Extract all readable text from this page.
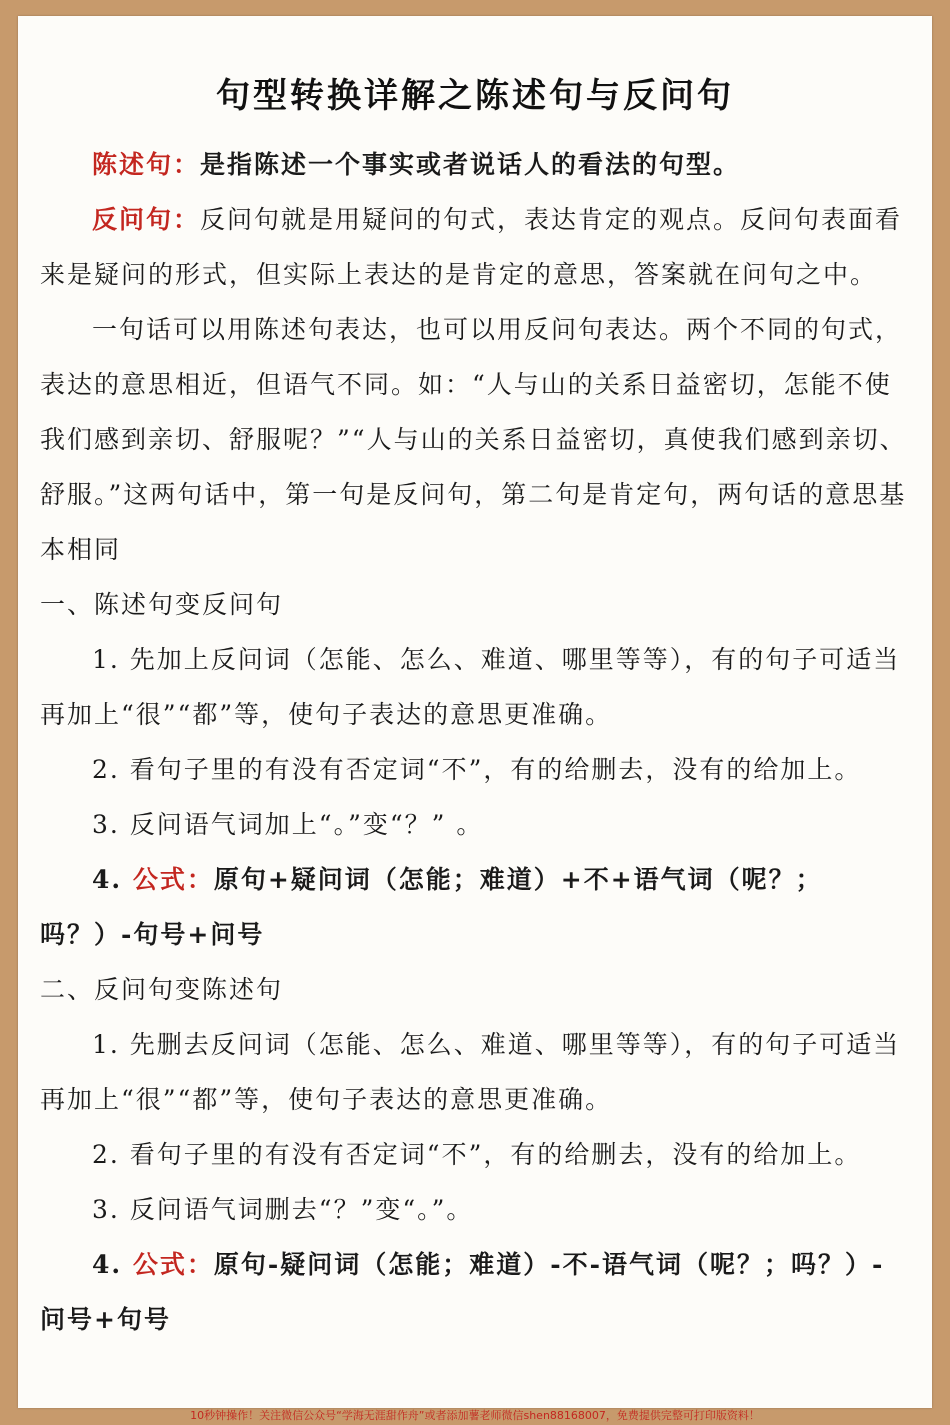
句型转换详解之陈述句与反问句

陈述句：是指陈述一个事实或者说话人的看法的句型。

反问句：反问句就是用疑问的句式，表达肯定的观点。反问句表面看来是疑问的形式，但实际上表达的是肯定的意思，答案就在问句之中。

一句话可以用陈述句表达，也可以用反问句表达。两个不同的句式，表达的意思相近，但语气不同。如：“人与山的关系日益密切，怎能不使我们感到亲切、舒服呢？”“人与山的关系日益密切，真使我们感到亲切、舒服。”这两句话中，第一句是反问句，第二句是肯定句，两句话的意思基本相同

一、陈述句变反问句

1. 先加上反问词（怎能、怎么、难道、哪里等等），有的句子可适当再加上“很”“都”等，使句子表达的意思更准确。

2. 看句子里的有没有否定词“不”，有的给删去，没有的给加上。

3. 反问语气词加上“。”变“？” 。

4. 公式：原句+疑问词（怎能；难道）+不+语气词（呢？；吗？）-句号+问号

二、反问句变陈述句

1. 先删去反问词（怎能、怎么、难道、哪里等等），有的句子可适当再加上“很”“都”等，使句子表达的意思更准确。

2. 看句子里的有没有否定词“不”，有的给删去，没有的给加上。

3. 反问语气词删去“？”变“。”。

4. 公式：原句-疑问词（怎能；难道）-不-语气词（呢？；吗？）-问号+句号

10秒钟操作！关注微信公众号“学海无涯甜作舟”或者添加薯老师微信shen88168007，免费提供完整可打印版资料！
